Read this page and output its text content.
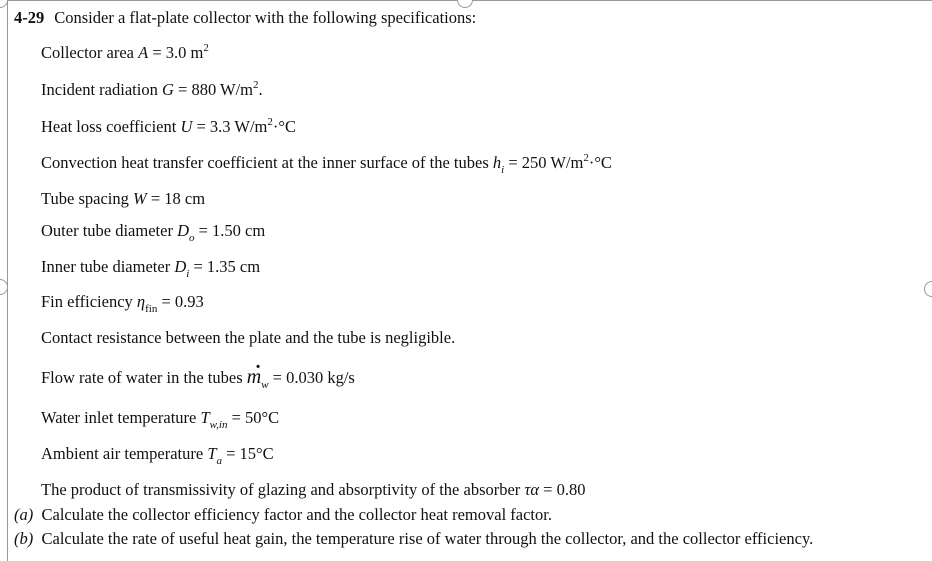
4-29 Consider a flat-plate collector with the following specifications:
Collector area A = 3.0 $m^2$
Incident radiation G = 880 $W/m^2$.
Heat loss coefficient U = 3.3 $W/m^2\cdot^\circ C$
Convection heat transfer coefficient at the inner surface of the tubes $h_i = 250$ $W/m^2\cdot^\circ C$
Tube spacing W = 18 cm
Outer tube diameter $D_o = 1.50$ cm
Inner tube diameter $D_i = 1.35$ cm
Fin efficiency $\eta_{fin} = 0.93$
Contact resistance between the plate and the tube is negligible.
Flow rate of water in the tubes · $m_w = 0.030$ kg/s
Water inlet temperature $T_{w,in} = 50^\circ C$
Ambient air temperature $T_a = 15^\circ C$
The product of transmissivity of glazing and absorptivity of the absorber τα = 0.80
(a) Calculate the collector efficiency factor and the collector heat removal factor.
(b) Calculate the rate of useful heat gain, the temperature rise of water through the collector, and the collector efficiency.
